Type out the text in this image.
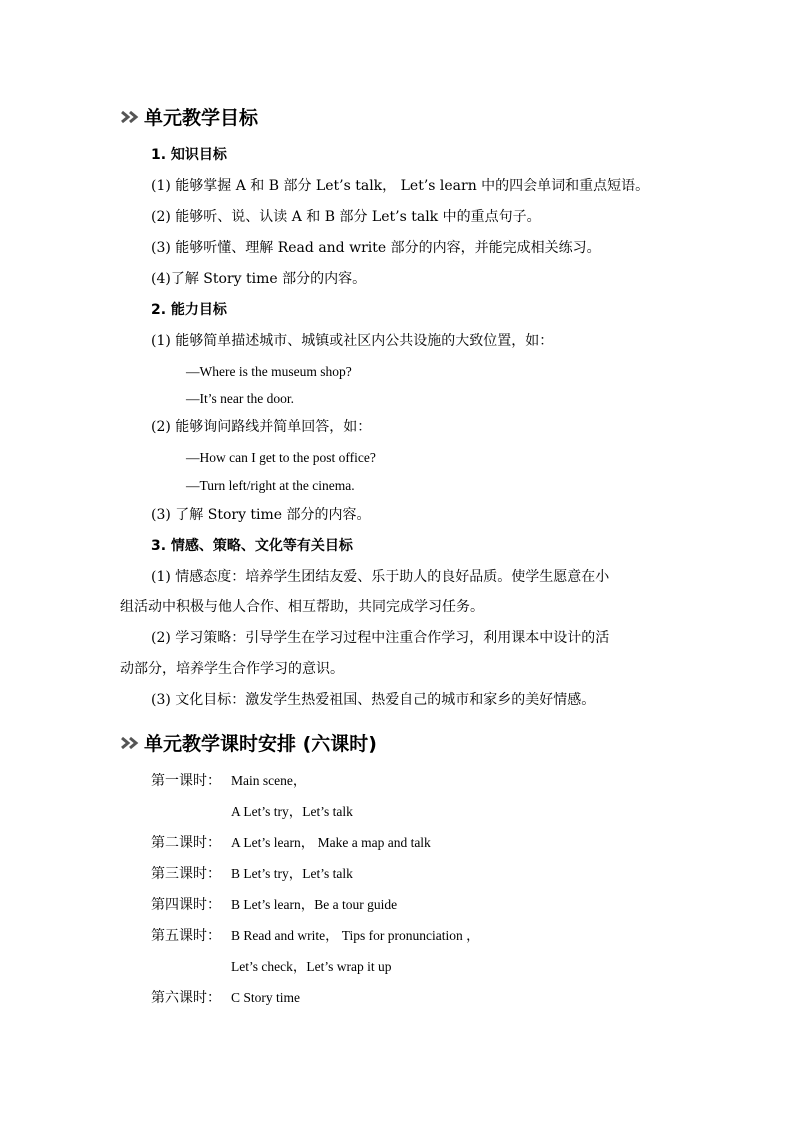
单元教学目标
1. 知识目标
(1) 能够掌握 A 和 B 部分 Let’s talk， Let’s learn 中的四会单词和重点短语。
(2) 能够听、说、认读 A 和 B 部分 Let’s talk 中的重点句子。
(3) 能够听懂、理解 Read and write 部分的内容，并能完成相关练习。
(4)了解 Story time 部分的内容。
2. 能力目标
(1) 能够简单描述城市、城镇或社区内公共设施的大致位置，如：
—Where is the museum shop?
—It’s near the door.
(2) 能够询问路线并简单回答，如：
—How can I get to the post office?
—Turn left/right at the cinema.
(3) 了解 Story time 部分的内容。
3. 情感、策略、文化等有关目标
(1) 情感态度：培养学生团结友爱、乐于助人的良好品质。使学生愿意在小
组活动中积极与他人合作、相互帮助，共同完成学习任务。
(2) 学习策略：引导学生在学习过程中注重合作学习，利用课本中设计的活
动部分，培养学生合作学习的意识。
(3) 文化目标：激发学生热爱祖国、热爱自己的城市和家乡的美好情感。
单元教学课时安排 (六课时)
第一课时： Main scene，
A Let’s try，Let’s talk
第二课时： A Let’s learn， Make a map and talk
第三课时： B Let’s try，Let’s talk
第四课时： B Let’s learn，Be a tour guide
第五课时： B Read and write， Tips for pronunciation ，
Let’s check，Let’s wrap it up
第六课时： C Story time
